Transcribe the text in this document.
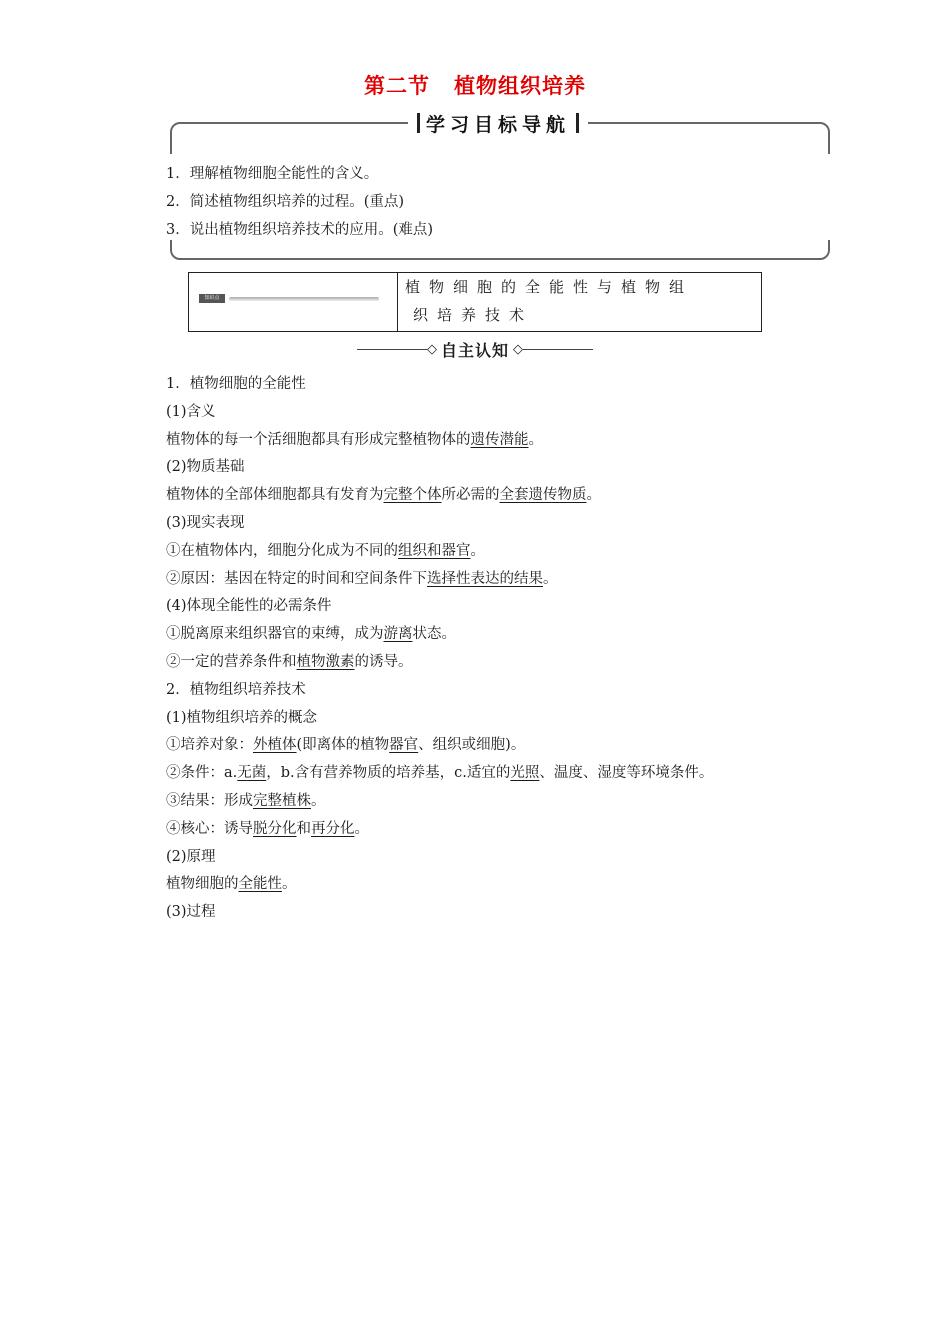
第二节 植物组织培养
学习目标导航
1．理解植物细胞全能性的含义。
2．简述植物组织培养的过程。(重点)
3．说出植物组织培养技术的应用。(难点)
知识点
植物细胞的全能性与植物组
织培养技术
◇ 自主认知 ◇
1．植物细胞的全能性
(1)含义
植物体的每一个活细胞都具有形成完整植物体的遗传潜能。
(2)物质基础
植物体的全部体细胞都具有发育为完整个体所必需的全套遗传物质。
(3)现实表现
①在植物体内，细胞分化成为不同的组织和器官。
②原因：基因在特定的时间和空间条件下选择性表达的结果。
(4)体现全能性的必需条件
①脱离原来组织器官的束缚，成为游离状态。
②一定的营养条件和植物激素的诱导。
2．植物组织培养技术
(1)植物组织培养的概念
①培养对象：外植体(即离体的植物器官、组织或细胞)。
②条件：a.无菌，b.含有营养物质的培养基，c.适宜的光照、温度、湿度等环境条件。
③结果：形成完整植株。
④核心：诱导脱分化和再分化。
(2)原理
植物细胞的全能性。
(3)过程
